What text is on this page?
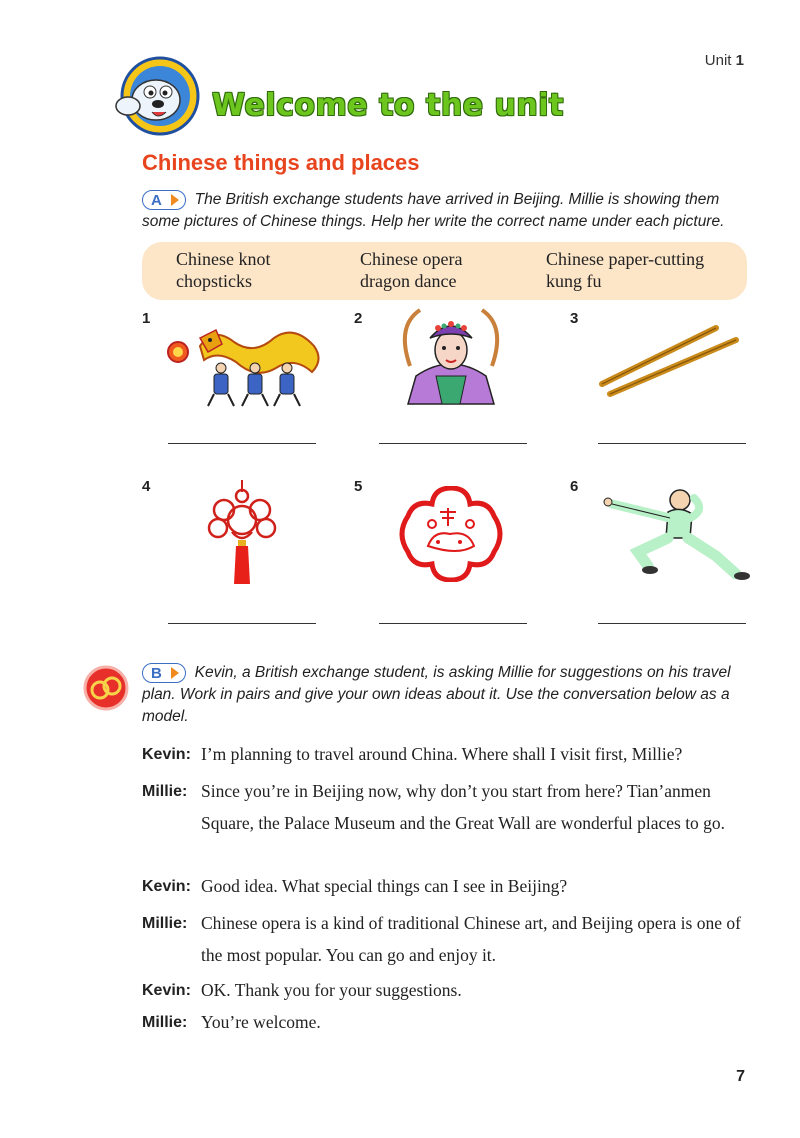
Unit 1
Welcome to the unit
Chinese things and places
A The British exchange students have arrived in Beijing. Millie is showing them some pictures of Chinese things. Help her write the correct name under each picture.
Chinese knot
chopsticks
Chinese opera
dragon dance
Chinese paper-cutting
kung fu
1	2	3
4	5	6
B Kevin, a British exchange student, is asking Millie for suggestions on his travel plan. Work in pairs and give your own ideas about it. Use the conversation below as a model.
Kevin: I’m planning to travel around China. Where shall I visit first, Millie?
Millie: Since you’re in Beijing now, why don’t you start from here? Tian’anmen Square, the Palace Museum and the Great Wall are wonderful places to go.
Kevin: Good idea. What special things can I see in Beijing?
Millie: Chinese opera is a kind of traditional Chinese art, and Beijing opera is one of the most popular. You can go and enjoy it.
Kevin: OK. Thank you for your suggestions.
Millie: You’re welcome.
7
